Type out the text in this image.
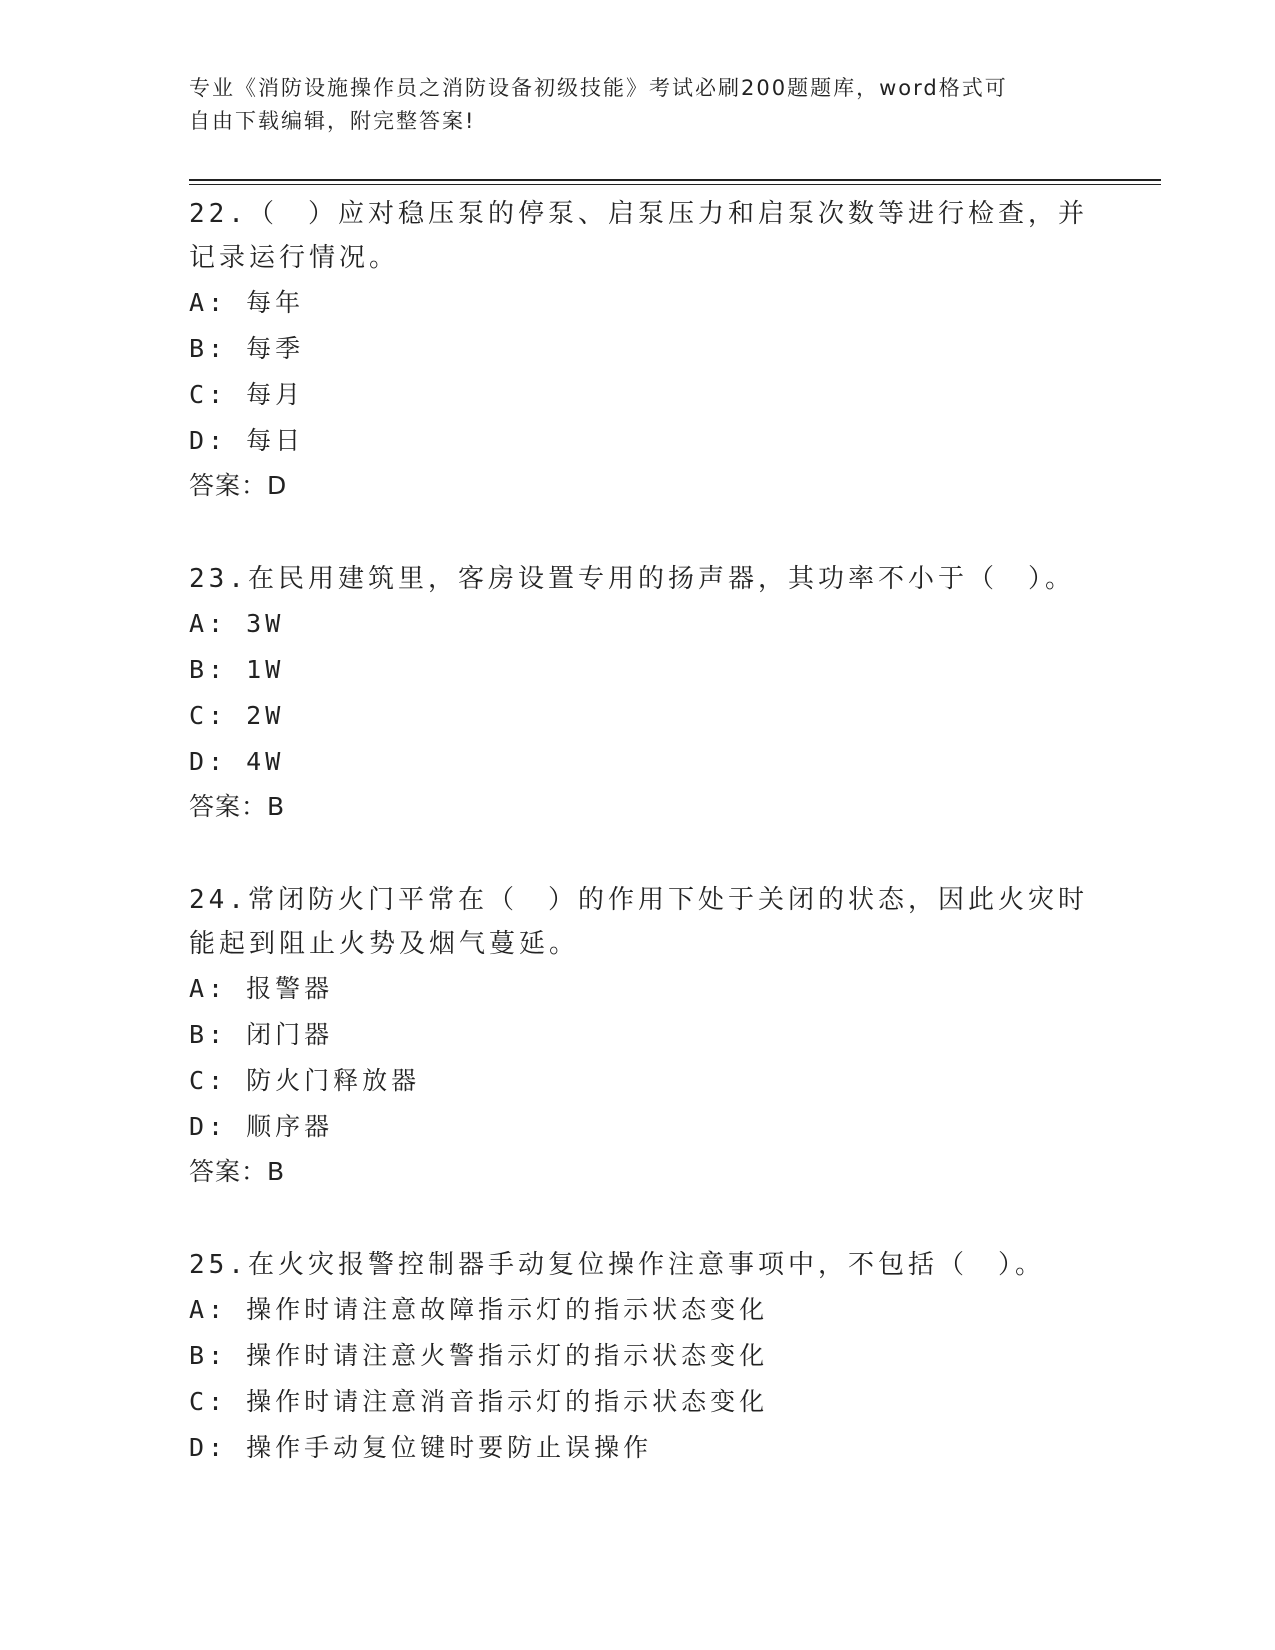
专业《消防设施操作员之消防设备初级技能》考试必刷200题题库，word格式可
自由下载编辑，附完整答案!
22.（　）应对稳压泵的停泵、启泵压力和启泵次数等进行检查，并记录运行情况。
A: 每年
B: 每季
C: 每月
D: 每日
答案：D
23.在民用建筑里，客房设置专用的扬声器，其功率不小于（　）。
A: 3W
B: 1W
C: 2W
D: 4W
答案：B
24.常闭防火门平常在（　）的作用下处于关闭的状态，因此火灾时能起到阻止火势及烟气蔓延。
A: 报警器
B: 闭门器
C: 防火门释放器
D: 顺序器
答案：B
25.在火灾报警控制器手动复位操作注意事项中，不包括（　）。
A: 操作时请注意故障指示灯的指示状态变化
B: 操作时请注意火警指示灯的指示状态变化
C: 操作时请注意消音指示灯的指示状态变化
D: 操作手动复位键时要防止误操作
